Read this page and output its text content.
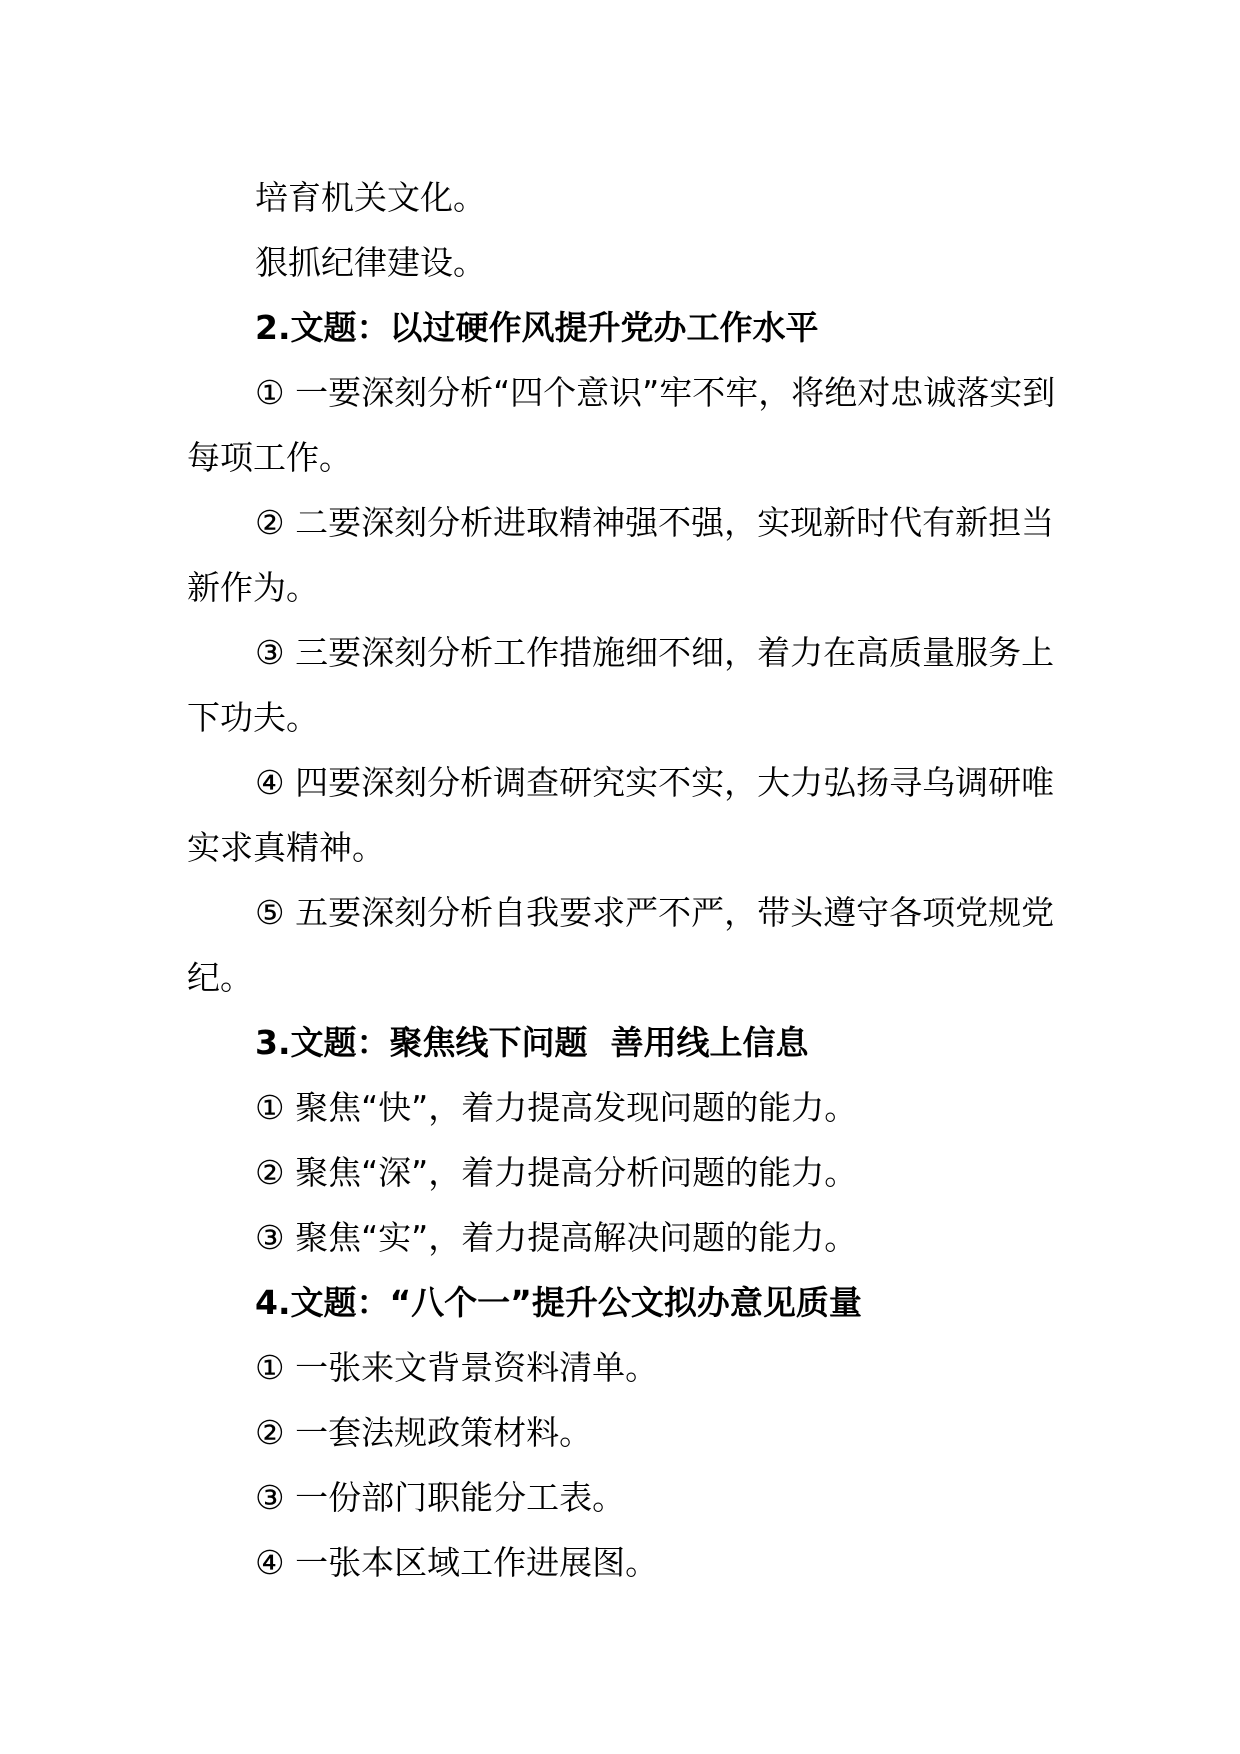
培育机关文化。

狠抓纪律建设。

2.文题：以过硬作风提升党办工作水平

① 一要深刻分析“四个意识”牢不牢，将绝对忠诚落实到每项工作。

② 二要深刻分析进取精神强不强，实现新时代有新担当新作为。

③ 三要深刻分析工作措施细不细，着力在高质量服务上下功夫。

④ 四要深刻分析调查研究实不实，大力弘扬寻乌调研唯实求真精神。

⑤ 五要深刻分析自我要求严不严，带头遵守各项党规党纪。

3.文题：聚焦线下问题  善用线上信息

① 聚焦“快”，着力提高发现问题的能力。

② 聚焦“深”，着力提高分析问题的能力。

③ 聚焦“实”，着力提高解决问题的能力。

4.文题：“八个一”提升公文拟办意见质量

① 一张来文背景资料清单。

② 一套法规政策材料。

③ 一份部门职能分工表。

④ 一张本区域工作进展图。
